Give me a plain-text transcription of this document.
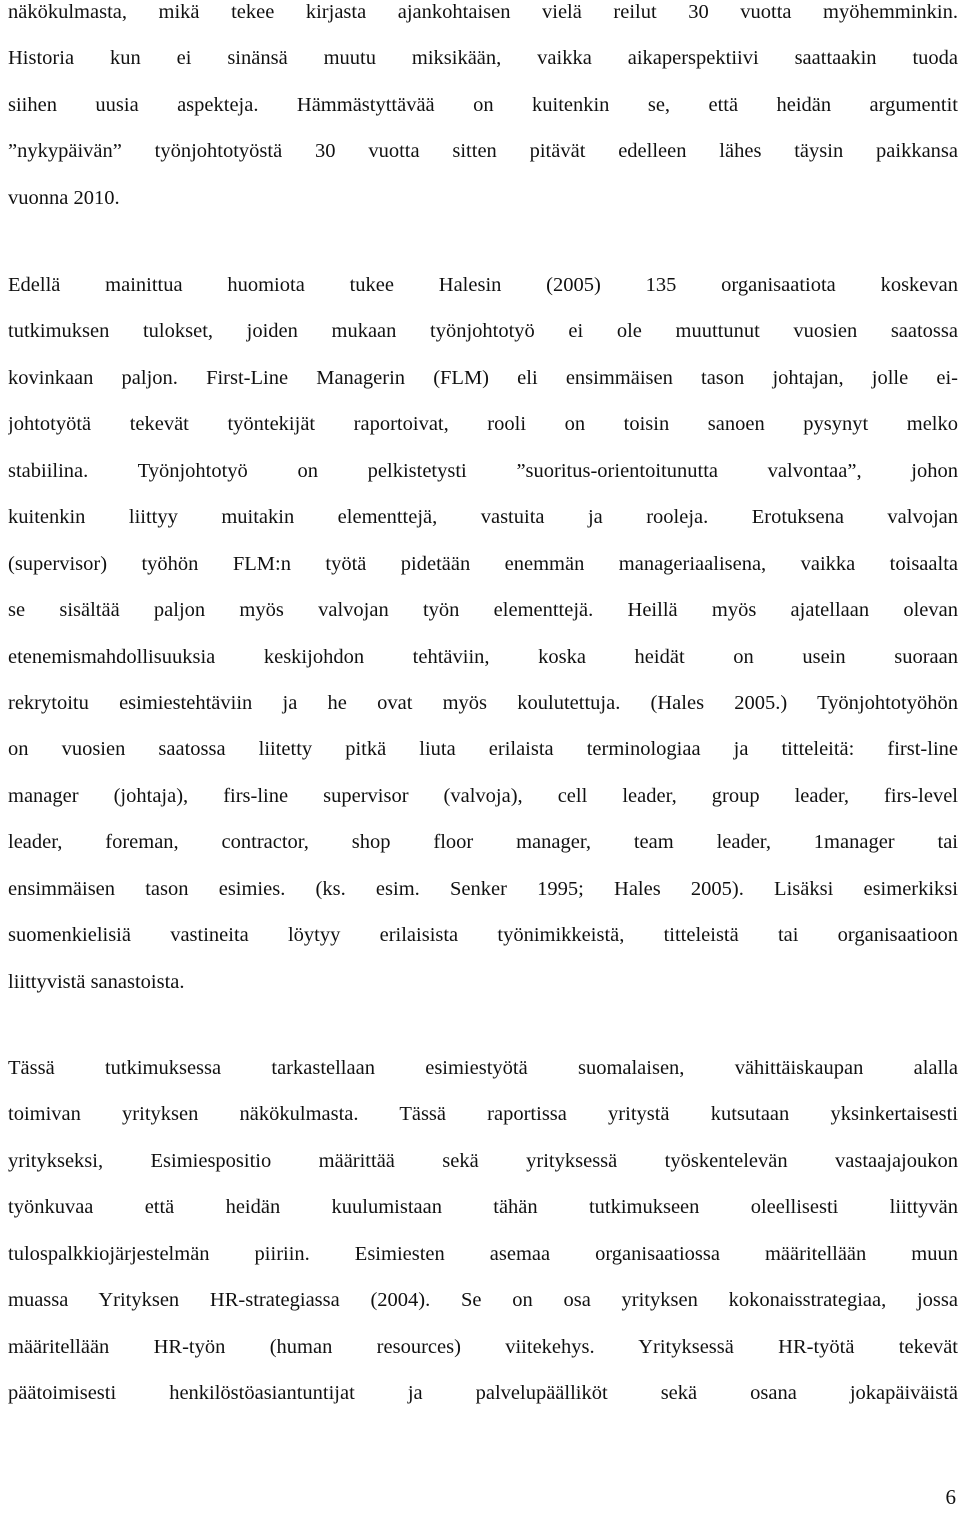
näkökulmasta, mikä tekee kirjasta ajankohtaisen vielä reilut 30 vuotta myöhemminkin.
Historia kun ei sinänsä muutu miksikään, vaikka aikaperspektiivi saattaakin tuoda
siihen uusia aspekteja. Hämmästyttävää on kuitenkin se, että heidän argumentit
”nykypäivän” työnjohtotyöstä 30 vuotta sitten pitävät edelleen lähes täysin paikkansa
vuonna 2010.
Edellä mainittua huomiota tukee Halesin (2005) 135 organisaatiota koskevan
tutkimuksen tulokset, joiden mukaan työnjohtotyö ei ole muuttunut vuosien saatossa
kovinkaan paljon. First-Line Managerin (FLM) eli ensimmäisen tason johtajan, jolle ei-
johtotyötä tekevät työntekijät raportoivat, rooli on toisin sanoen pysynyt melko
stabiilina. Työnjohtotyö on pelkistetysti ”suoritus-orientoitunutta valvontaa”, johon
kuitenkin liittyy muitakin elementtejä, vastuita ja rooleja. Erotuksena valvojan
(supervisor) työhön FLM:n työtä pidetään enemmän manageriaalisena, vaikka toisaalta
se sisältää paljon myös valvojan työn elementtejä. Heillä myös ajatellaan olevan
etenemismahdollisuuksia keskijohdon tehtäviin, koska heidät on usein suoraan
rekrytoitu esimiestehtäviin ja he ovat myös koulutettuja. (Hales 2005.) Työnjohtotyöhön
on vuosien saatossa liitetty pitkä liuta erilaista terminologiaa ja titteleitä: first-line
manager (johtaja), firs-line supervisor (valvoja), cell leader, group leader, firs-level
leader, foreman, contractor, shop floor manager, team leader, 1manager tai
ensimmäisen tason esimies. (ks. esim. Senker 1995; Hales 2005). Lisäksi esimerkiksi
suomenkielisiä vastineita löytyy erilaisista työnimikkeistä, titteleistä tai organisaatioon
liittyvistä sanastoista.
Tässä tutkimuksessa tarkastellaan esimiestyötä suomalaisen, vähittäiskaupan alalla
toimivan yrityksen näkökulmasta. Tässä raportissa yritystä kutsutaan yksinkertaisesti
yritykseksi, Esimiespositio määrittää sekä yrityksessä työskentelevän vastaajajoukon
työnkuvaa että heidän kuulumistaan tähän tutkimukseen oleellisesti liittyvän
tulospalkkiojärjestelmän piiriin. Esimiesten asemaa organisaatiossa määritellään muun
muassa Yrityksen HR-strategiassa (2004). Se on osa yrityksen kokonaisstrategiaa, jossa
määritellään HR-työn (human resources) viitekehys. Yrityksessä HR-työtä tekevät
päätoimisesti henkilöstöasiantuntijat ja palvelupäälliköt sekä osana jokapäiväistä
6
